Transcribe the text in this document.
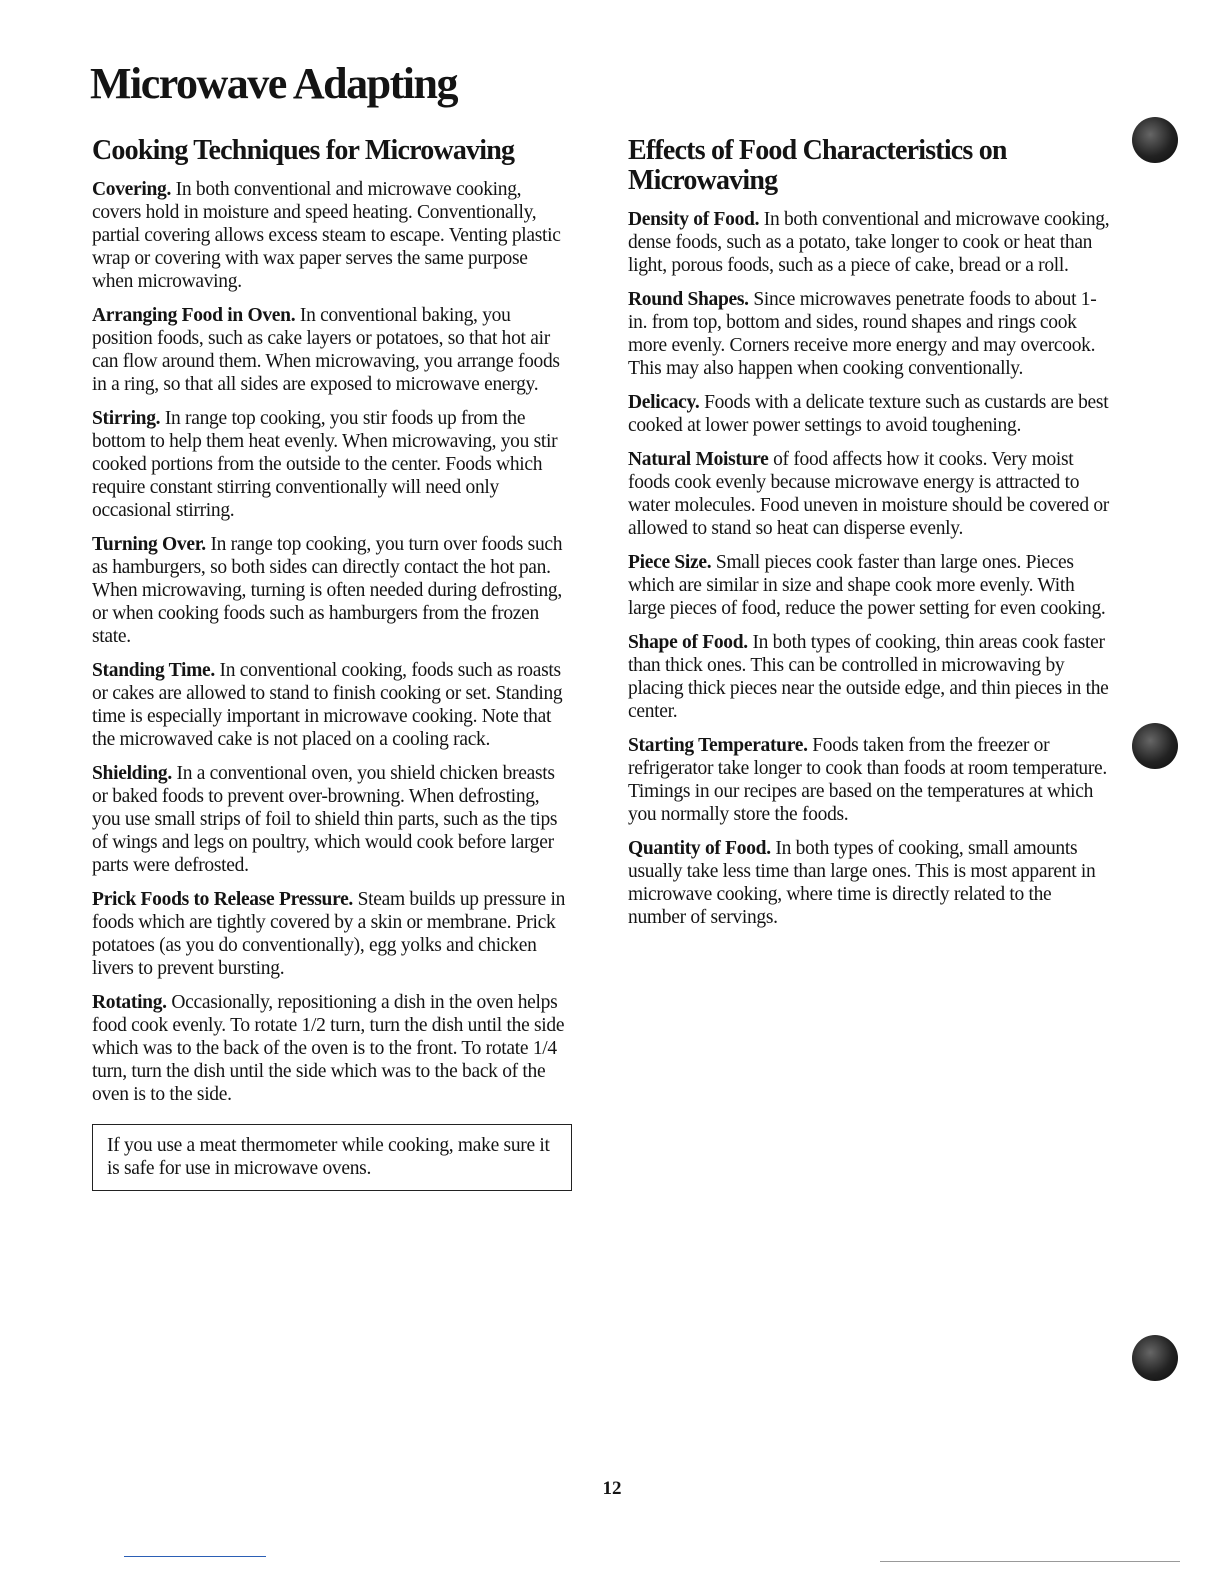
Microwave Adapting
Cooking Techniques for Microwaving

Covering. In both conventional and microwave cooking, covers hold in moisture and speed heating. Conventionally, partial covering allows excess steam to escape. Venting plastic wrap or covering with wax paper serves the same purpose when microwaving.

Arranging Food in Oven. In conventional baking, you position foods, such as cake layers or potatoes, so that hot air can flow around them. When microwaving, you arrange foods in a ring, so that all sides are exposed to microwave energy.

Stirring. In range top cooking, you stir foods up from the bottom to help them heat evenly. When microwaving, you stir cooked portions from the outside to the center. Foods which require constant stirring conventionally will need only occasional stirring.

Turning Over. In range top cooking, you turn over foods such as hamburgers, so both sides can directly contact the hot pan. When microwaving, turning is often needed during defrosting, or when cooking foods such as hamburgers from the frozen state.

Standing Time. In conventional cooking, foods such as roasts or cakes are allowed to stand to finish cooking or set. Standing time is especially important in microwave cooking. Note that the microwaved cake is not placed on a cooling rack.

Shielding. In a conventional oven, you shield chicken breasts or baked foods to prevent over-browning. When defrosting, you use small strips of foil to shield thin parts, such as the tips of wings and legs on poultry, which would cook before larger parts were defrosted.

Prick Foods to Release Pressure. Steam builds up pressure in foods which are tightly covered by a skin or membrane. Prick potatoes (as you do conventionally), egg yolks and chicken livers to prevent bursting.

Rotating. Occasionally, repositioning a dish in the oven helps food cook evenly. To rotate 1/2 turn, turn the dish until the side which was to the back of the oven is to the front. To rotate 1/4 turn, turn the dish until the side which was to the back of the oven is to the side.

If you use a meat thermometer while cooking, make sure it is safe for use in microwave ovens.
Effects of Food Characteristics on Microwaving

Density of Food. In both conventional and microwave cooking, dense foods, such as a potato, take longer to cook or heat than light, porous foods, such as a piece of cake, bread or a roll.

Round Shapes. Since microwaves penetrate foods to about 1-in. from top, bottom and sides, round shapes and rings cook more evenly. Corners receive more energy and may overcook. This may also happen when cooking conventionally.

Delicacy. Foods with a delicate texture such as custards are best cooked at lower power settings to avoid toughening.

Natural Moisture of food affects how it cooks. Very moist foods cook evenly because microwave energy is attracted to water molecules. Food uneven in moisture should be covered or allowed to stand so heat can disperse evenly.

Piece Size. Small pieces cook faster than large ones. Pieces which are similar in size and shape cook more evenly. With large pieces of food, reduce the power setting for even cooking.

Shape of Food. In both types of cooking, thin areas cook faster than thick ones. This can be controlled in microwaving by placing thick pieces near the outside edge, and thin pieces in the center.

Starting Temperature. Foods taken from the freezer or refrigerator take longer to cook than foods at room temperature. Timings in our recipes are based on the temperatures at which you normally store the foods.

Quantity of Food. In both types of cooking, small amounts usually take less time than large ones. This is most apparent in microwave cooking, where time is directly related to the number of servings.

12
